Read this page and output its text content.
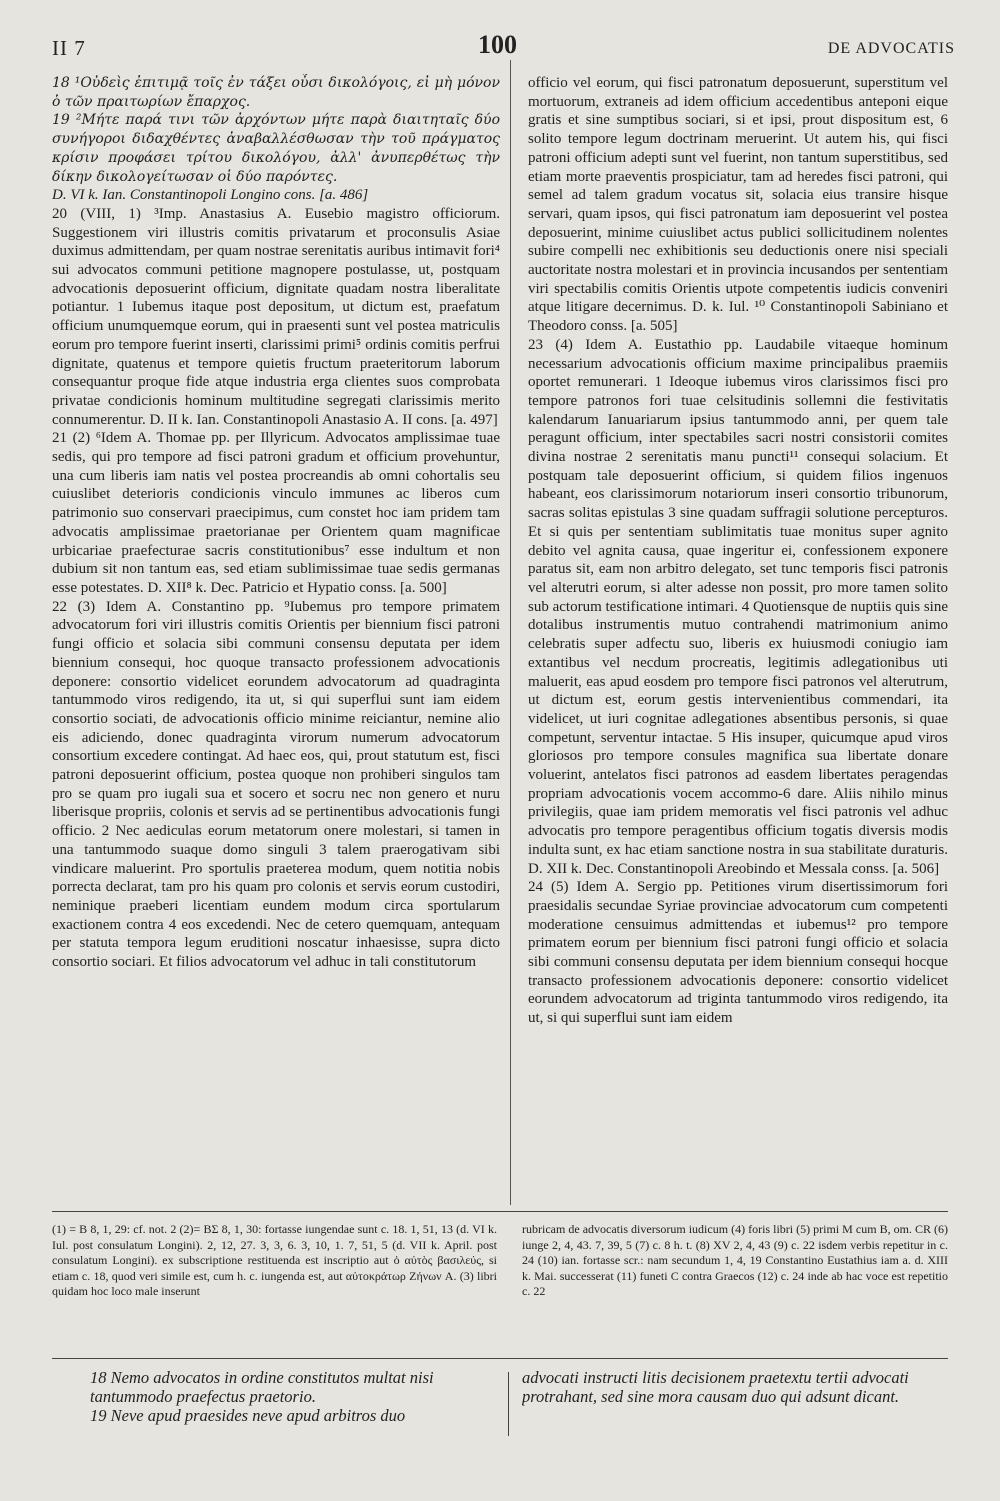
II 7	100	DE ADVOCATIS

18 ¹Οὐδεὶς ἐπιτιμᾷ τοῖς ἐν τάξει οὖσι δικολόγοις, εἰ μὴ μόνον ὁ τῶν πραιτωρίων ἔπαρχος.

19 ²Μήτε παρά τινι τῶν ἀρχόντων μήτε παρὰ διαιτηταῖς δύο συνήγοροι διδαχθέντες ἀναβαλλέσθωσαν τὴν τοῦ πράγματος κρίσιν προφάσει τρίτου δικολόγου, ἀλλ' ἀνυπερθέτως τὴν δίκην δικολογείτωσαν οἱ δύο παρόντες.

D. VI k. Ian. Constantinopoli Longino cons. [a. 486]

20 (VIII, 1) ³Imp. Anastasius A. Eusebio magistro officiorum. Suggestionem viri illustris comitis privatarum et proconsulis Asiae duximus admittendam, per quam nostrae serenitatis auribus intimavit fori⁴ sui advocatos communi petitione magnopere postulasse, ut, postquam advocationis deposuerint officium, dignitate quadam nostra liberalitate potiantur. 1 Iubemus itaque post depositum, ut dictum est, praefatum officium unumquemque eorum, qui in praesenti sunt vel postea matriculis eorum pro tempore fuerint inserti, clarissimi primi⁵ ordinis comitis perfrui dignitate, quatenus et tempore quietis fructum praeteritorum laborum consequantur proque fide atque industria erga clientes suos comprobata privatae condicionis hominum multitudine segregati clarissimis merito connumerentur. D. II k. Ian. Constantinopoli Anastasio A. II cons. [a. 497]

21 (2) ⁶Idem A. Thomae pp. per Illyricum. Advocatos amplissimae tuae sedis, qui pro tempore ad fisci patroni gradum et officium provehuntur, una cum liberis iam natis vel postea procreandis ab omni cohortalis seu cuiuslibet deterioris condicionis vinculo immunes ac liberos cum patrimonio suo conservari praecipimus, cum constet hoc iam pridem tam advocatis amplissimae praetorianae per Orientem quam magnificae urbicariae praefecturae sacris constitutionibus⁷ esse indultum et non dubium sit non tantum eas, sed etiam sublimissimae tuae sedis germanas esse potestates. D. XII⁸ k. Dec. Patricio et Hypatio conss. [a. 500]

22 (3) Idem A. Constantino pp. ⁹Iubemus pro tempore primatem advocatorum fori viri illustris comitis Orientis per biennium fisci patroni fungi officio et solacia sibi communi consensu deputata per idem biennium consequi, hoc quoque transacto professionem advocationis deponere: consortio videlicet eorundem advocatorum ad quadraginta tantummodo viros redigendo, ita ut, si qui superflui sunt iam eidem consortio sociati, de advocationis officio minime reiciantur, nemine alio eis adiciendo, donec quadraginta virorum numerum advocatorum consortium excedere contingat. Ad haec eos, qui, prout statutum est, fisci patroni deposuerint officium, postea quoque non prohiberi singulos tam pro se quam pro iugali sua et socero et socru nec non genero et nuru liberisque propriis, colonis et servis ad se pertinentibus advocationis fungi officio. 2 Nec aediculas eorum metatorum onere molestari, si tamen in una tantummodo suaque domo singuli 3 talem praerogativam sibi vindicare maluerint. Pro sportulis praeterea modum, quem notitia nobis porrecta declarat, tam pro his quam pro colonis et servis eorum custodiri, neminique praeberi licentiam eundem modum circa sportularum exactionem contra 4 eos excedendi. Nec de cetero quemquam, antequam per statuta tempora legum eruditioni noscatur inhaesisse, supra dicto consortio sociari. Et filios advocatorum vel adhuc in tali constitutorum

officio vel eorum, qui fisci patronatum deposuerunt, superstitum vel mortuorum, extraneis ad idem officium accedentibus anteponi eique gratis et sine sumptibus sociari, si et ipsi, prout dispositum est, 6 solito tempore legum doctrinam meruerint. Ut autem his, qui fisci patroni officium adepti sunt vel fuerint, non tantum superstitibus, sed etiam morte praeventis prospiciatur, tam ad heredes fisci patroni, qui semel ad talem gradum vocatus sit, solacia eius transire hisque servari, quam ipsos, qui fisci patronatum iam deposuerint vel postea deposuerint, minime cuiuslibet actus publici sollicitudinem nolentes subire compelli nec exhibitionis seu deductionis onere nisi speciali auctoritate nostra molestari et in provincia incusandos per sententiam viri spectabilis comitis Orientis utpote competentis iudicis conveniri atque litigare decernimus. D. k. Iul. ¹⁰ Constantinopoli Sabiniano et Theodoro conss. [a. 505]

23 (4) Idem A. Eustathio pp. Laudabile vitaeque hominum necessarium advocationis officium maxime principalibus praemiis oportet remunerari. 1 Ideoque iubemus viros clarissimos fisci pro tempore patronos fori tuae celsitudinis sollemni die festivitatis kalendarum Ianuariarum ipsius tantummodo anni, per quem tale peragunt officium, inter spectabiles sacri nostri consistorii comites divina nostrae 2 serenitatis manu puncti¹¹ consequi solacium. Et postquam tale deposuerint officium, si quidem filios ingenuos habeant, eos clarissimorum notariorum inseri consortio tribunorum, sacras solitas epistulas 3 sine quadam suffragii solutione percepturos. Et si quis per sententiam sublimitatis tuae monitus super agnito debito vel agnita causa, quae ingeritur ei, confessionem exponere paratus sit, eam non arbitro delegato, set tunc temporis fisci patronis vel alterutri eorum, si alter adesse non possit, pro more tamen solito sub actorum testificatione intimari. 4 Quotiensque de nuptiis quis sine dotalibus instrumentis mutuo contrahendi matrimonium animo celebratis super adfectu suo, liberis ex huiusmodi coniugio iam extantibus vel necdum procreatis, legitimis adlegationibus uti maluerit, eas apud eosdem pro tempore fisci patronos vel alterutrum, ut dictum est, eorum gestis intervenientibus commendari, ita videlicet, ut iuri cognitae adlegationes absentibus personis, si quae competunt, serventur intactae. 5 His insuper, quicumque apud viros gloriosos pro tempore consules magnifica sua libertate donare voluerint, antelatos fisci patronos ad easdem libertates peragendas propriam advocationis vocem accommo-6 dare. Aliis nihilo minus privilegiis, quae iam pridem memoratis vel fisci patronis vel adhuc advocatis pro tempore peragentibus officium togatis diversis modis indulta sunt, ex hac etiam sanctione nostra in sua stabilitate duraturis. D. XII k. Dec. Constantinopoli Areobindo et Messala conss. [a. 506]

24 (5) Idem A. Sergio pp. Petitiones virum disertissimorum fori praesidalis secundae Syriae provinciae advocatorum cum competenti moderatione censuimus admittendas et iubemus¹² pro tempore primatem eorum per biennium fisci patroni fungi officio et solacia sibi communi consensu deputata per idem biennium consequi hocque transacto professionem advocationis deponere: consortio videlicet eorundem advocatorum ad triginta tantummodo viros redigendo, ita ut, si qui superflui sunt iam eidem

(1) = B 8, 1, 29: cf. not. 2 (2)= BΣ 8, 1, 30: fortasse iungendae sunt c. 18. 1, 51, 13 (d. VI k. Iul. post consulatum Longini). 2, 12, 27. 3, 3, 6. 3, 10, 1. 7, 51, 5 (d. VII k. April. post consulatum Longini). ex subscriptione restituenda est inscriptio aut ὁ αὐτὸς βασιλεύς, si etiam c. 18, quod veri simile est, cum h. c. iungenda est, aut αὐτοκράτωρ Ζήνων A. (3) libri quidam hoc loco male inserunt

rubricam de advocatis diversorum iudicum (4) foris libri (5) primi M cum B, om. CR (6) iunge 2, 4, 43. 7, 39, 5 (7) c. 8 h. t. (8) XV 2, 4, 43 (9) c. 22 isdem verbis repetitur in c. 24 (10) ian. fortasse scr.: nam secundum 1, 4, 19 Constantino Eustathius iam a. d. XIII k. Mai. successerat (11) funeti C contra Graecos (12) c. 24 inde ab hac voce est repetitio c. 22

18 Nemo advocatos in ordine constitutos multat nisi tantummodo praefectus praetorio.

19 Neve apud praesides neve apud arbitros duo

advocati instructi litis decisionem praetextu tertii advocati protrahant, sed sine mora causam duo qui adsunt dicant.
